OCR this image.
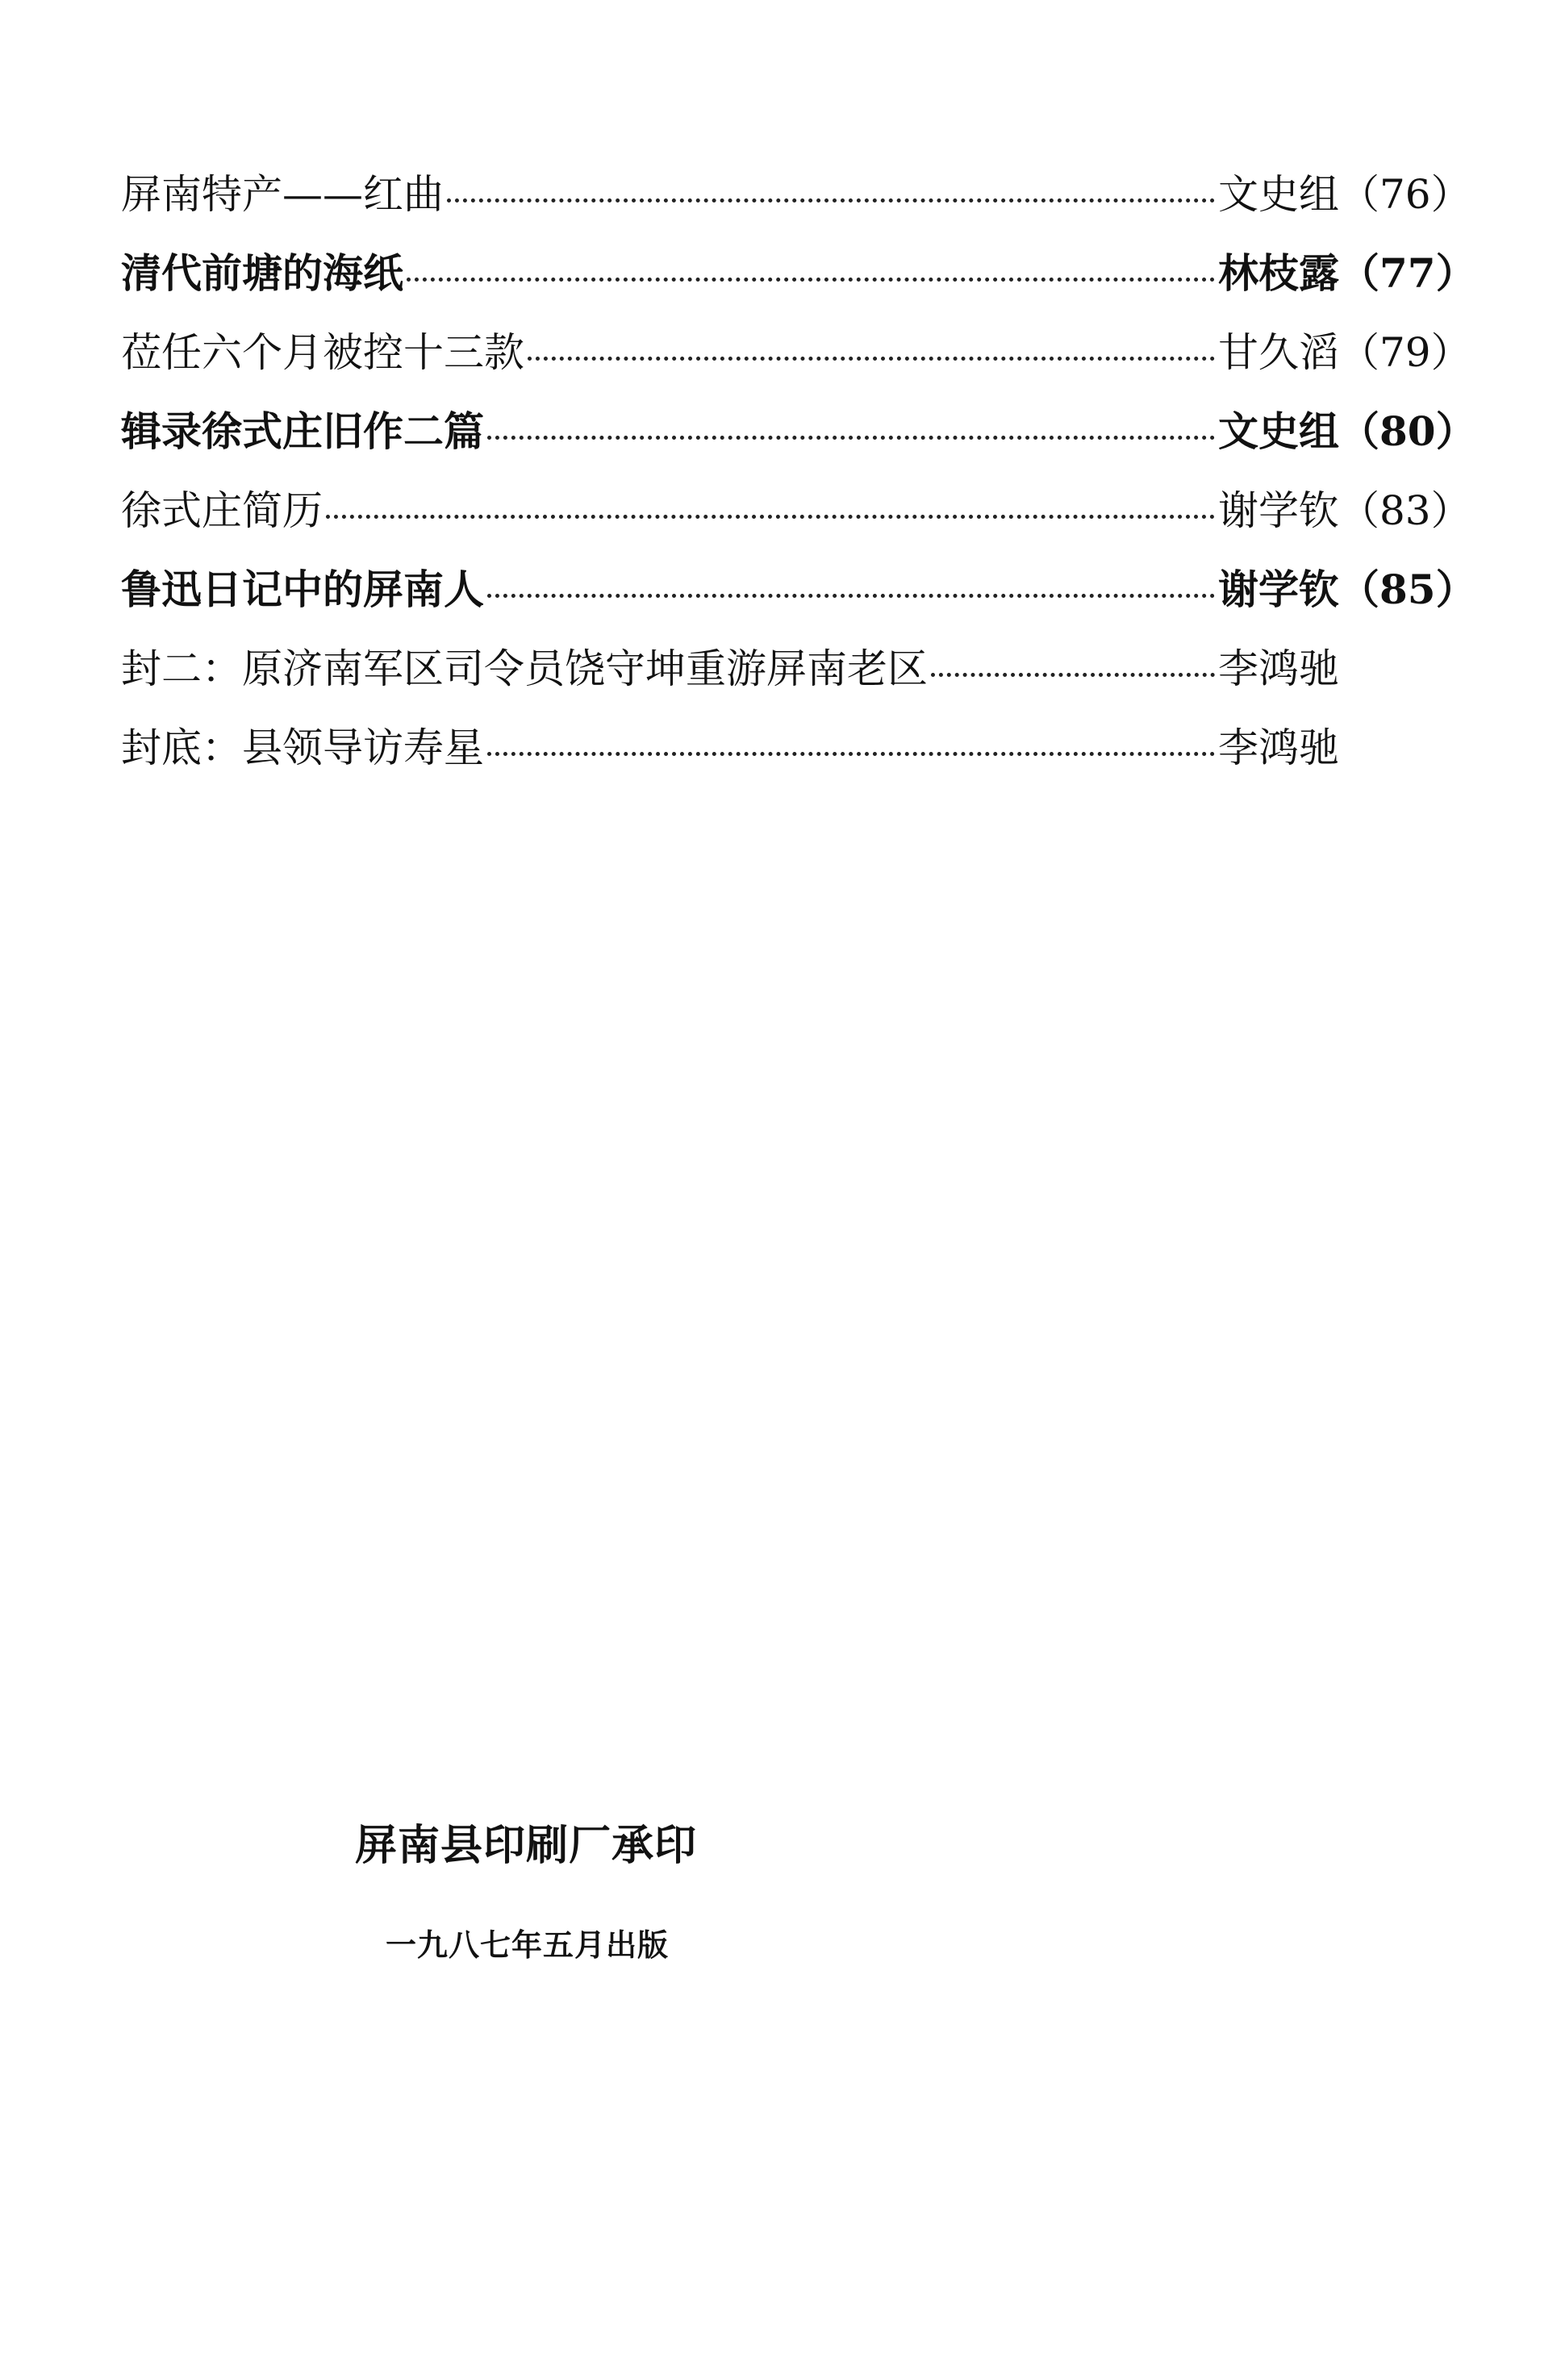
屏南特产——红曲	文史组 （76）
清代前塘的海纸	林枝露 （77）
莅任六个月被控十三款	甘久滔 （79）
辑录徐式庄旧作二篇	文史组 （80）
徐式庄简历	谢学钦 （83）
鲁迅日记中的屏南人	谢学钦 （85）
封二：原济南军区司令员饶守坤重游屏南老区	李鸿驰
封底：县领导访寿星	李鸿驰
屏南县印刷厂承印
一九八七年五月出版
